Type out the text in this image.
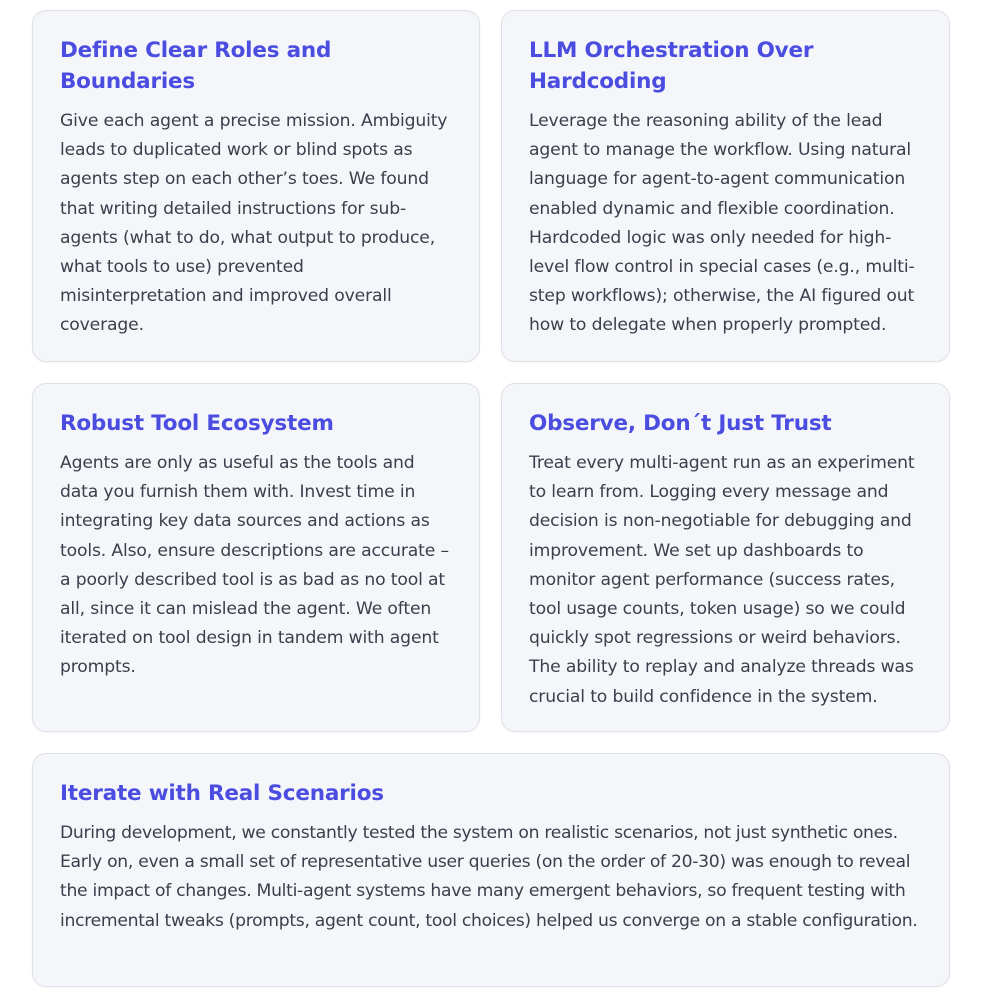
Define Clear Roles and Boundaries

Give each agent a precise mission. Ambiguity leads to duplicated work or blind spots as agents step on each other’s toes. We found that writing detailed instructions for sub-agents (what to do, what output to produce, what tools to use) prevented misinterpretation and improved overall coverage.

LLM Orchestration Over Hardcoding

Leverage the reasoning ability of the lead agent to manage the workflow. Using natural language for agent-to-agent communication enabled dynamic and flexible coordination. Hardcoded logic was only needed for high-level flow control in special cases (e.g., multi-step workflows); otherwise, the AI figured out how to delegate when properly prompted.

Robust Tool Ecosystem

Agents are only as useful as the tools and data you furnish them with. Invest time in integrating key data sources and actions as tools. Also, ensure descriptions are accurate – a poorly described tool is as bad as no tool at all, since it can mislead the agent. We often iterated on tool design in tandem with agent prompts.

Observe, Don´t Just Trust

Treat every multi-agent run as an experiment to learn from. Logging every message and decision is non-negotiable for debugging and improvement. We set up dashboards to monitor agent performance (success rates, tool usage counts, token usage) so we could quickly spot regressions or weird behaviors. The ability to replay and analyze threads was crucial to build confidence in the system.

Iterate with Real Scenarios

During development, we constantly tested the system on realistic scenarios, not just synthetic ones. Early on, even a small set of representative user queries (on the order of 20-30) was enough to reveal the impact of changes. Multi-agent systems have many emergent behaviors, so frequent testing with incremental tweaks (prompts, agent count, tool choices) helped us converge on a stable configuration.
